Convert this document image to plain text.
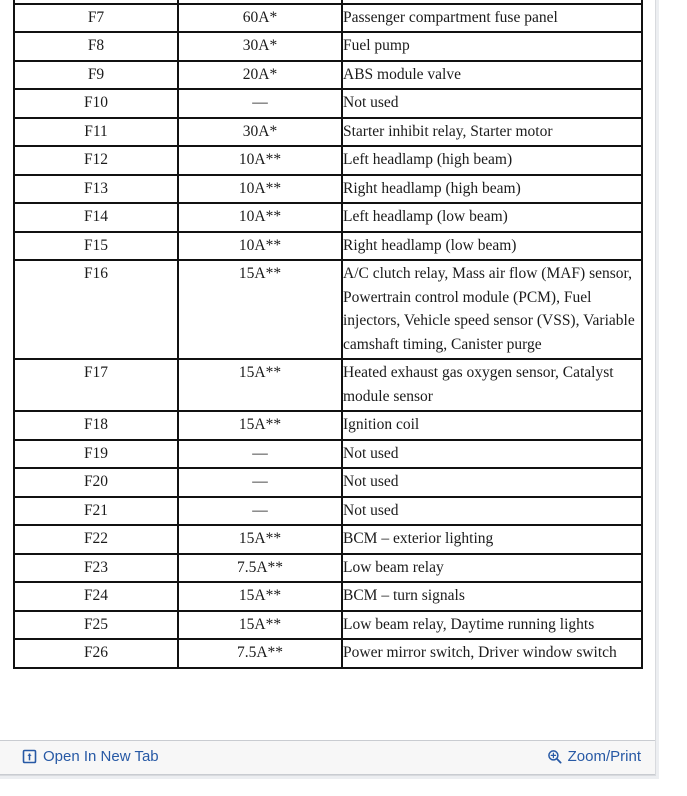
F7	60A*	Passenger compartment fuse panel
F8	30A*	Fuel pump
F9	20A*	ABS module valve
F10	—	Not used
F11	30A*	Starter inhibit relay, Starter motor
F12	10A**	Left headlamp (high beam)
F13	10A**	Right headlamp (high beam)
F14	10A**	Left headlamp (low beam)
F15	10A**	Right headlamp (low beam)
F16	15A**	A/C clutch relay, Mass air flow (MAF) sensor, Powertrain control module (PCM), Fuel injectors, Vehicle speed sensor (VSS), Variable camshaft timing, Canister purge
F17	15A**	Heated exhaust gas oxygen sensor, Catalyst module sensor
F18	15A**	Ignition coil
F19	—	Not used
F20	—	Not used
F21	—	Not used
F22	15A**	BCM – exterior lighting
F23	7.5A**	Low beam relay
F24	15A**	BCM – turn signals
F25	15A**	Low beam relay, Daytime running lights
F26	7.5A**	Power mirror switch, Driver window switch
Open In New Tab	Zoom/Print
